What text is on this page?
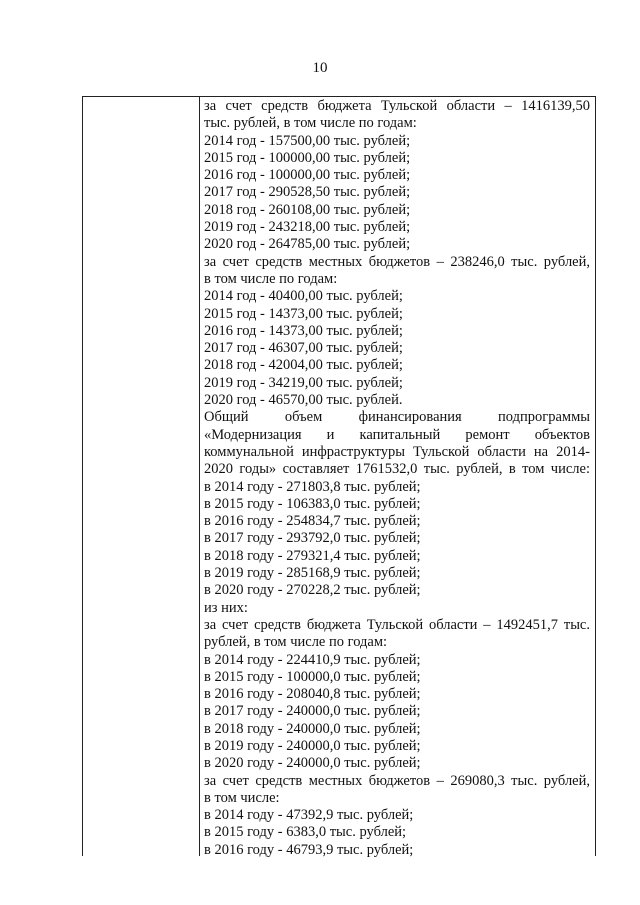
10
за счет средств бюджета Тульской области – 1416139,50
тыс. рублей, в том числе по годам:
2014 год - 157500,00 тыс. рублей;
2015 год - 100000,00 тыс. рублей;
2016 год - 100000,00 тыс. рублей;
2017 год - 290528,50 тыс. рублей;
2018 год - 260108,00 тыс. рублей;
2019 год - 243218,00 тыс. рублей;
2020 год - 264785,00 тыс. рублей;
за счет средств местных бюджетов – 238246,0 тыс. рублей,
в том числе по годам:
2014 год - 40400,00 тыс. рублей;
2015 год - 14373,00 тыс. рублей;
2016 год - 14373,00 тыс. рублей;
2017 год - 46307,00 тыс. рублей;
2018 год - 42004,00 тыс. рублей;
2019 год - 34219,00 тыс. рублей;
2020 год - 46570,00 тыс. рублей.
Общий объем финансирования подпрограммы
«Модернизация и капитальный ремонт объектов
коммунальной инфраструктуры Тульской области на 2014-
2020 годы» составляет 1761532,0 тыс. рублей, в том числе:
в 2014 году - 271803,8 тыс. рублей;
в 2015 году - 106383,0 тыс. рублей;
в 2016 году - 254834,7 тыс. рублей;
в 2017 году - 293792,0 тыс. рублей;
в 2018 году - 279321,4 тыс. рублей;
в 2019 году - 285168,9 тыс. рублей;
в 2020 году - 270228,2 тыс. рублей;
из них:
за счет средств бюджета Тульской области – 1492451,7 тыс.
рублей, в том числе по годам:
в 2014 году - 224410,9 тыс. рублей;
в 2015 году - 100000,0 тыс. рублей;
в 2016 году - 208040,8 тыс. рублей;
в 2017 году - 240000,0 тыс. рублей;
в 2018 году - 240000,0 тыс. рублей;
в 2019 году - 240000,0 тыс. рублей;
в 2020 году - 240000,0 тыс. рублей;
за счет средств местных бюджетов – 269080,3 тыс. рублей,
в том числе:
в 2014 году - 47392,9 тыс. рублей;
в 2015 году - 6383,0 тыс. рублей;
в 2016 году - 46793,9 тыс. рублей;
